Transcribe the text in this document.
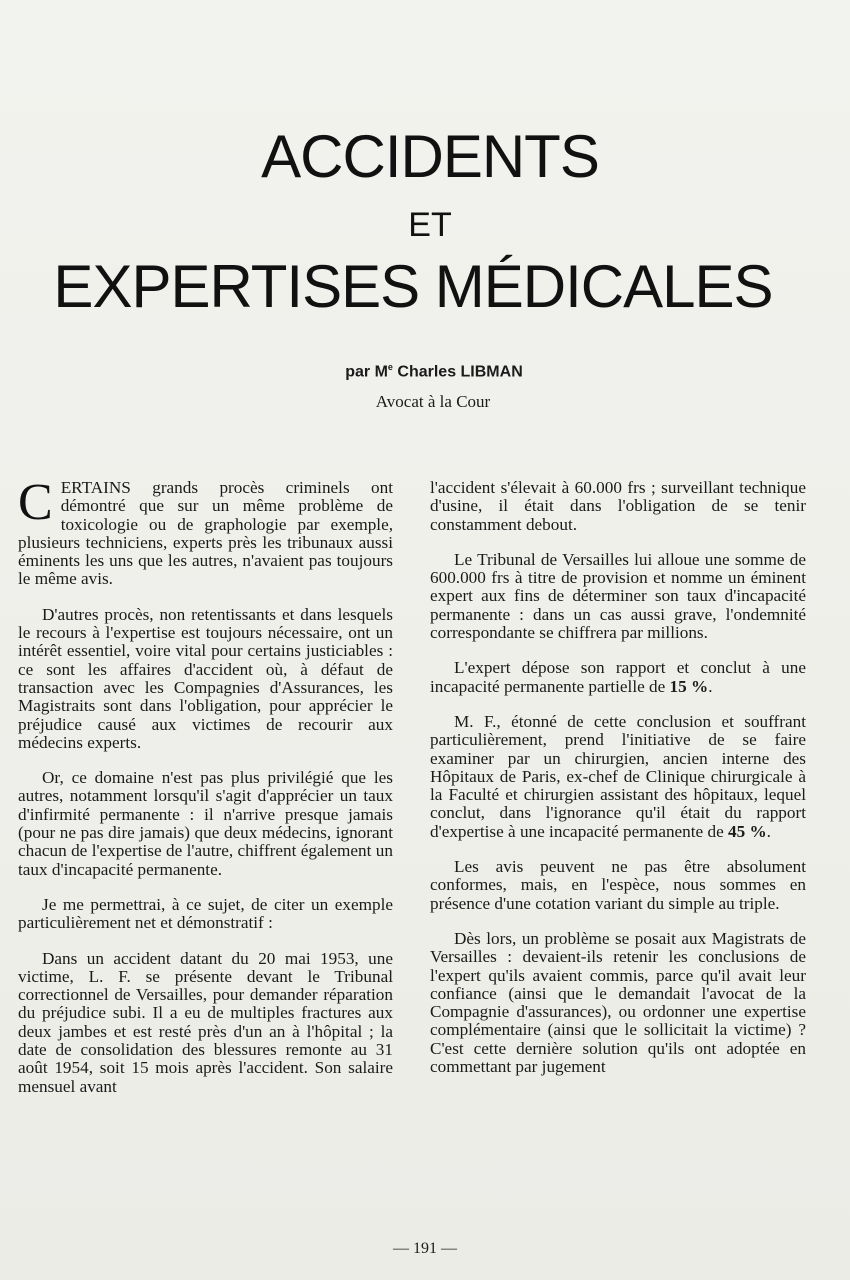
ACCIDENTS
ET
EXPERTISES MÉDICALES
par Me Charles LIBMAN
Avocat à la Cour

CERTAINS grands procès criminels ont démontré que sur un même problème de toxicologie ou de graphologie par exemple, plusieurs techniciens, experts près les tribunaux aussi éminents les uns que les autres, n'avaient pas toujours le même avis.

D'autres procès, non retentissants et dans lesquels le recours à l'expertise est toujours nécessaire, ont un intérêt essentiel, voire vital pour certains justiciables : ce sont les affaires d'accident où, à défaut de transaction avec les Compagnies d'Assurances, les Magistraits sont dans l'obligation, pour apprécier le préjudice causé aux victimes de recourir aux médecins experts.

Or, ce domaine n'est pas plus privilégié que les autres, notamment lorsqu'il s'agit d'apprécier un taux d'infirmité permanente : il n'arrive presque jamais (pour ne pas dire jamais) que deux médecins, ignorant chacun de l'expertise de l'autre, chiffrent également un taux d'incapacité permanente.

Je me permettrai, à ce sujet, de citer un exemple particulièrement net et démonstratif :

Dans un accident datant du 20 mai 1953, une victime, L. F. se présente devant le Tribunal correctionnel de Versailles, pour demander réparation du préjudice subi. Il a eu de multiples fractures aux deux jambes et est resté près d'un an à l'hôpital ; la date de consolidation des blessures remonte au 31 août 1954, soit 15 mois après l'accident. Son salaire mensuel avant

l'accident s'élevait à 60.000 frs ; surveillant technique d'usine, il était dans l'obligation de se tenir constamment debout.

Le Tribunal de Versailles lui alloue une somme de 600.000 frs à titre de provision et nomme un éminent expert aux fins de déterminer son taux d'incapacité permanente : dans un cas aussi grave, l'ondemnité correspondante se chiffrera par millions.

L'expert dépose son rapport et conclut à une incapacité permanente partielle de 15 %.

M. F., étonné de cette conclusion et souffrant particulièrement, prend l'initiative de se faire examiner par un chirurgien, ancien interne des Hôpitaux de Paris, ex-chef de Clinique chirurgicale à la Faculté et chirurgien assistant des hôpitaux, lequel conclut, dans l'ignorance qu'il était du rapport d'expertise à une incapacité permanente de 45 %.

Les avis peuvent ne pas être absolument conformes, mais, en l'espèce, nous sommes en présence d'une cotation variant du simple au triple.

Dès lors, un problème se posait aux Magistrats de Versailles : devaient-ils retenir les conclusions de l'expert qu'ils avaient commis, parce qu'il avait leur confiance (ainsi que le demandait l'avocat de la Compagnie d'assurances), ou ordonner une expertise complémentaire (ainsi que le sollicitait la victime) ? C'est cette dernière solution qu'ils ont adoptée en commettant par jugement

— 191 —
